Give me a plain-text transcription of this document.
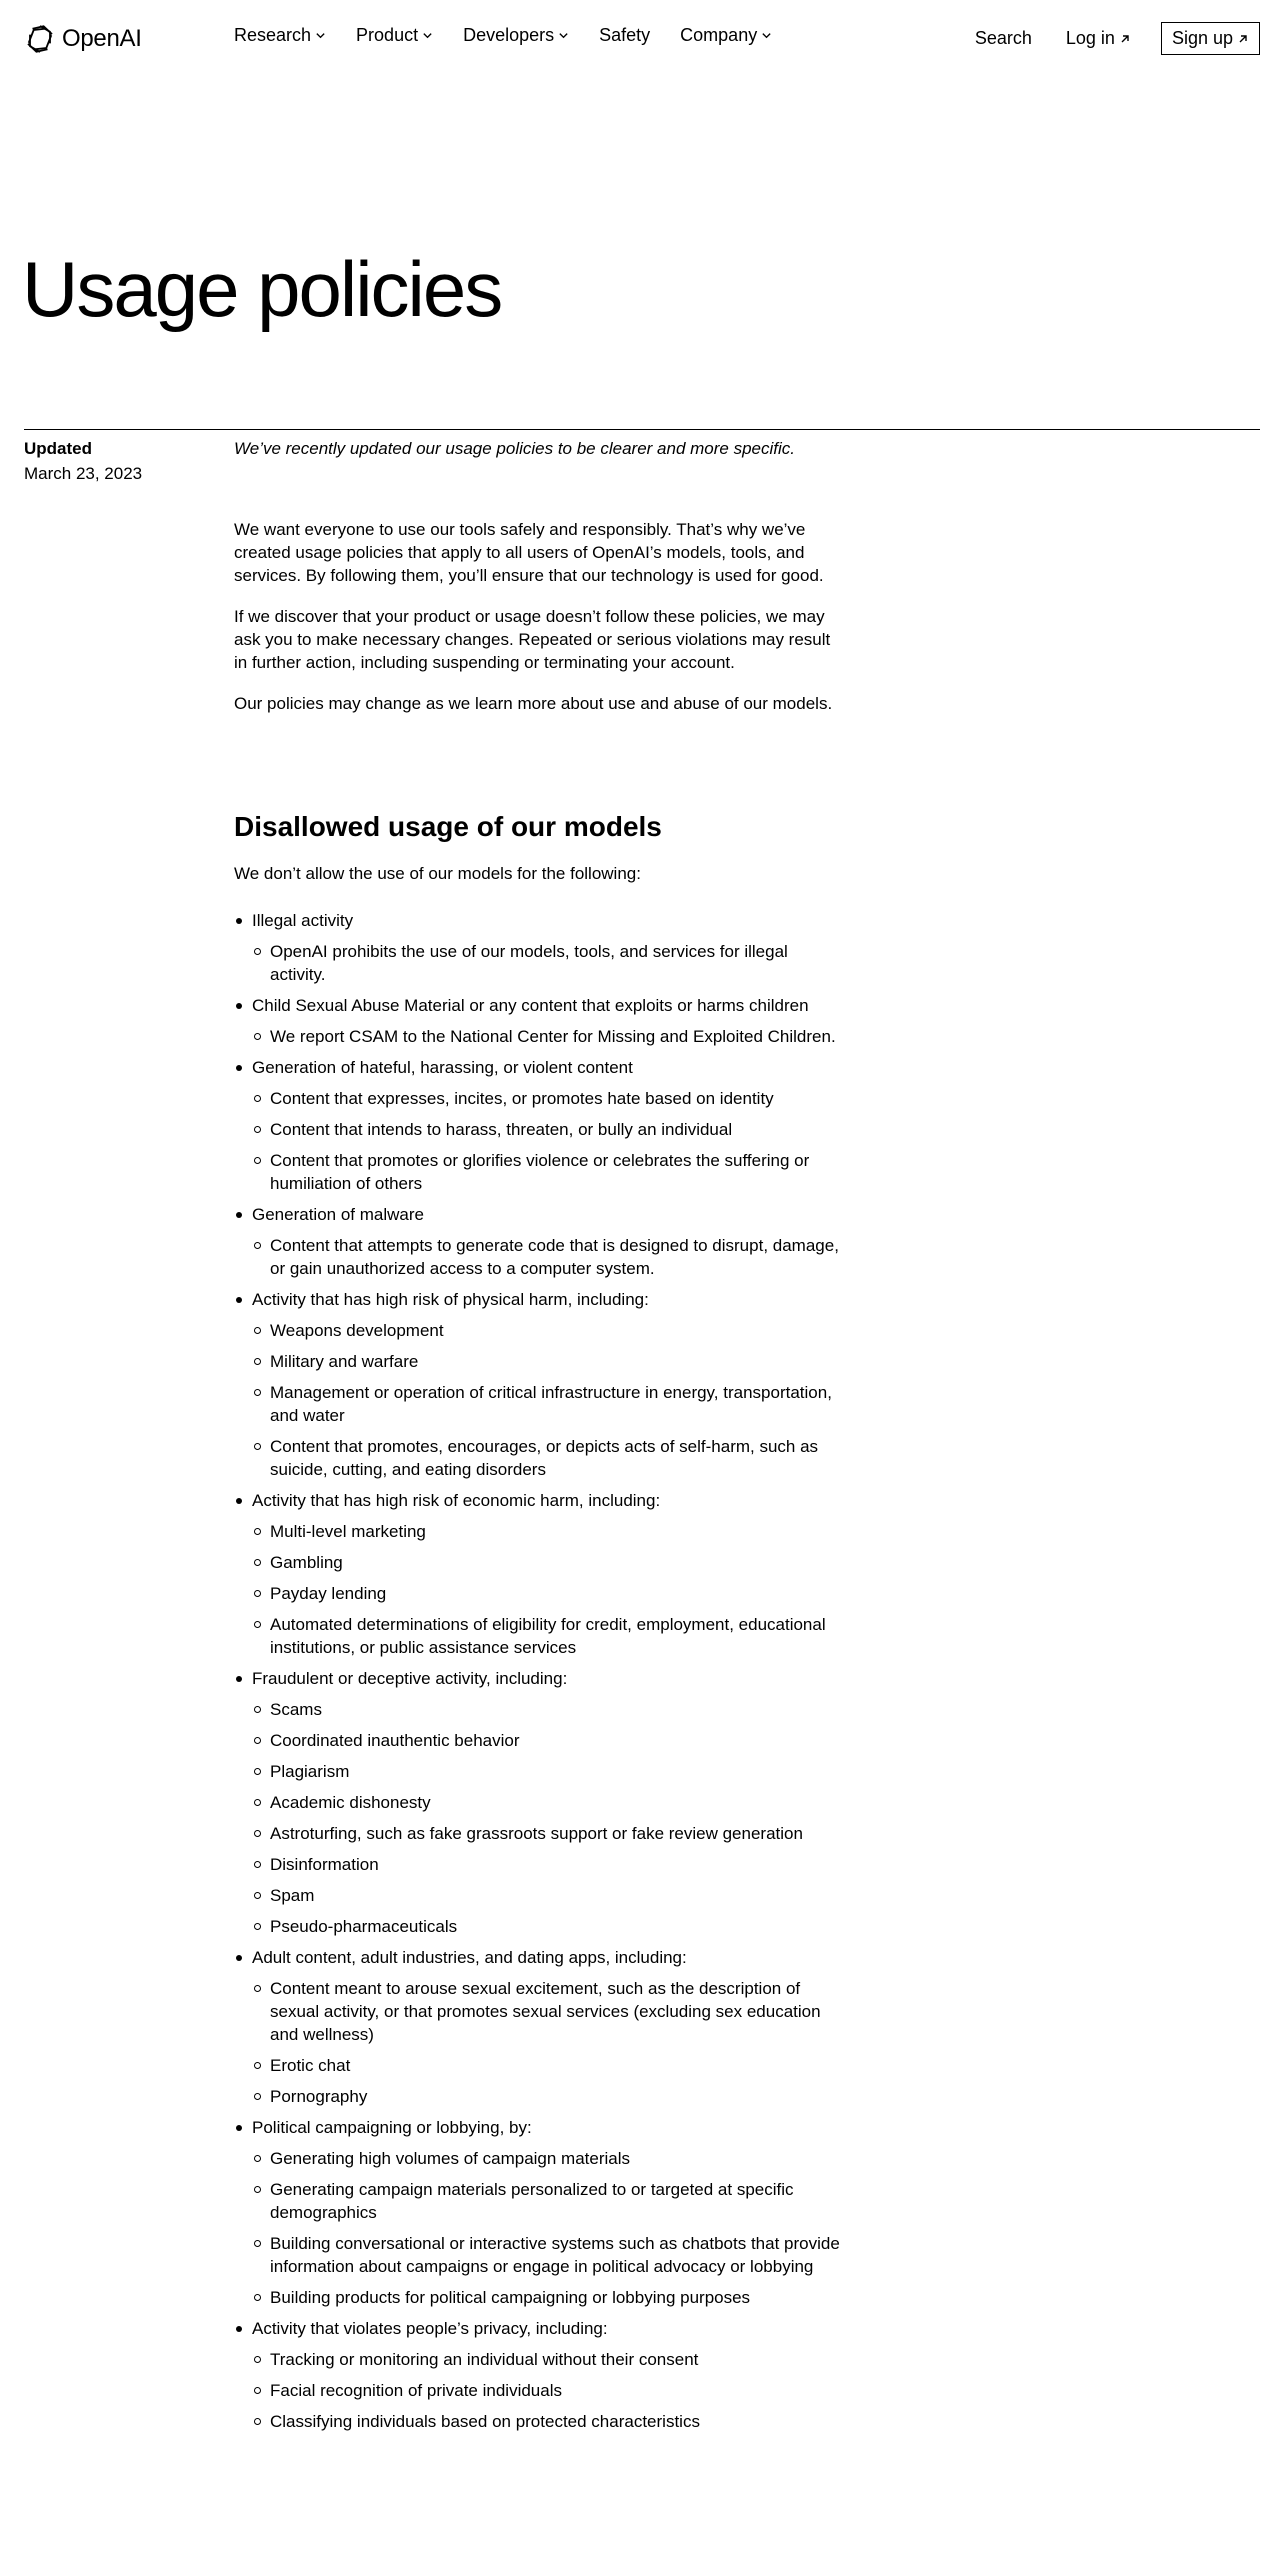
OpenAI	Research	Product	Developers	Safety Company	Search Log in	Sign up
Usage policies
Updated
March 23, 2023

We’ve recently updated our usage policies to be clearer and more specific.

We want everyone to use our tools safely and responsibly. That’s why we’ve created usage policies that apply to all users of OpenAI’s models, tools, and services. By following them, you’ll ensure that our technology is used for good.

If we discover that your product or usage doesn’t follow these policies, we may ask you to make necessary changes. Repeated or serious violations may result in further action, including suspending or terminating your account.

Our policies may change as we learn more about use and abuse of our models.

Disallowed usage of our models

We don’t allow the use of our models for the following:

Illegal activity
OpenAI prohibits the use of our models, tools, and services for illegal activity.
Child Sexual Abuse Material or any content that exploits or harms children
We report CSAM to the National Center for Missing and Exploited Children.
Generation of hateful, harassing, or violent content
Content that expresses, incites, or promotes hate based on identity
Content that intends to harass, threaten, or bully an individual
Content that promotes or glorifies violence or celebrates the suffering or humiliation of others
Generation of malware
Content that attempts to generate code that is designed to disrupt, damage, or gain unauthorized access to a computer system.
Activity that has high risk of physical harm, including:
Weapons development
Military and warfare
Management or operation of critical infrastructure in energy, transportation, and water
Content that promotes, encourages, or depicts acts of self-harm, such as suicide, cutting, and eating disorders
Activity that has high risk of economic harm, including:
Multi-level marketing
Gambling
Payday lending
Automated determinations of eligibility for credit, employment, educational institutions, or public assistance services
Fraudulent or deceptive activity, including:
Scams
Coordinated inauthentic behavior
Plagiarism
Academic dishonesty
Astroturfing, such as fake grassroots support or fake review generation
Disinformation
Spam
Pseudo-pharmaceuticals
Adult content, adult industries, and dating apps, including:
Content meant to arouse sexual excitement, such as the description of sexual activity, or that promotes sexual services (excluding sex education and wellness)
Erotic chat
Pornography
Political campaigning or lobbying, by:
Generating high volumes of campaign materials
Generating campaign materials personalized to or targeted at specific demographics
Building conversational or interactive systems such as chatbots that provide information about campaigns or engage in political advocacy or lobbying
Building products for political campaigning or lobbying purposes
Activity that violates people’s privacy, including:
Tracking or monitoring an individual without their consent
Facial recognition of private individuals
Classifying individuals based on protected characteristics
